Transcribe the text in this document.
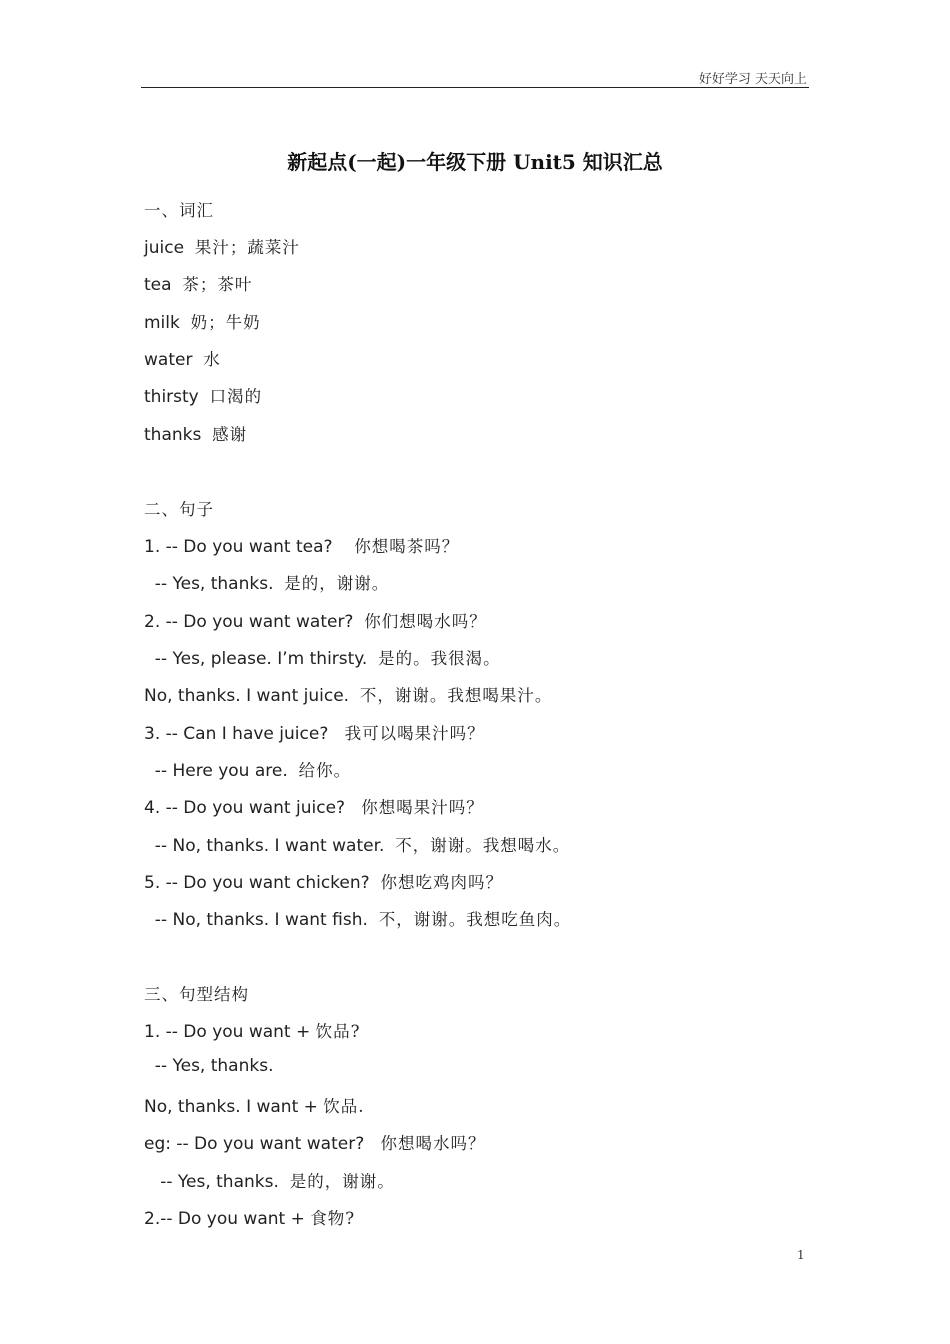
好好学习 天天向上
新起点(一起)一年级下册 Unit5 知识汇总
一、词汇
juice 果汁；蔬菜汁
tea 茶；茶叶
milk 奶；牛奶
water 水
thirsty 口渴的
thanks 感谢
二、句子
1. -- Do you want tea? 你想喝茶吗？
-- Yes, thanks. 是的，谢谢。
2. -- Do you want water? 你们想喝水吗？
-- Yes, please. I’m thirsty. 是的。我很渴。
No, thanks. I want juice. 不，谢谢。我想喝果汁。
3. -- Can I have juice? 我可以喝果汁吗？
-- Here you are. 给你。
4. -- Do you want juice? 你想喝果汁吗？
-- No, thanks. I want water. 不，谢谢。我想喝水。
5. -- Do you want chicken? 你想吃鸡肉吗？
-- No, thanks. I want fish. 不，谢谢。我想吃鱼肉。
三、句型结构
1. -- Do you want + 饮品?
-- Yes, thanks.
No, thanks. I want + 饮品.
eg: -- Do you want water? 你想喝水吗？
-- Yes, thanks. 是的，谢谢。
2.-- Do you want + 食物?
1
